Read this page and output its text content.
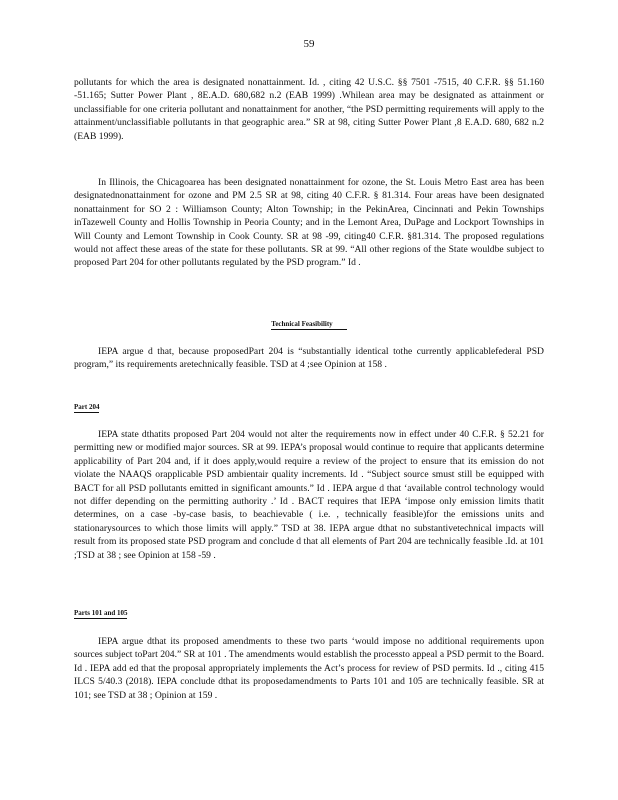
59

pollutants for which the area is designated nonattainment. Id. , citing 42 U.S.C. §§ 7501 -7515, 40 C.F.R. §§ 51.160 -51.165; Sutter Power Plant , 8E.A.D. 680,682 n.2 (EAB 1999) .Whilean area may be designated as attainment or unclassifiable for one criteria pollutant and nonattainment for another, “the PSD permitting requirements will apply to the attainment/unclassifiable pollutants in that geographic area.” SR at 98, citing Sutter Power Plant ,8 E.A.D. 680, 682 n.2 (EAB 1999).

In Illinois, the Chicagoarea has been designated nonattainment for ozone, the St. Louis Metro East area has been designatednonattainment for ozone and PM 2.5 SR at 98, citing 40 C.F.R. § 81.314. Four areas have been designated nonattainment for SO 2 : Williamson County; Alton Township; in the PekinArea, Cincinnati and Pekin Townships inTazewell County and Hollis Township in Peoria County; and in the Lemont Area, DuPage and Lockport Townships in Will County and Lemont Township in Cook County. SR at 98 -99, citing40 C.F.R. §81.314. The proposed regulations would not affect these areas of the state for these pollutants. SR at 99. “All other regions of the State wouldbe subject to proposed Part 204 for other pollutants regulated by the PSD program.” Id .

Technical Feasibility

IEPA argue d that, because proposedPart 204 is “substantially identical tothe currently applicablefederal PSD program,” its requirements aretechnically feasible. TSD at 4 ;see Opinion at 158 .

Part 204

IEPA state dthatits proposed Part 204 would not alter the requirements now in effect under 40 C.F.R. § 52.21 for permitting new or modified major sources. SR at 99. IEPA’s proposal would continue to require that applicants determine applicability of Part 204 and, if it does apply,would require a review of the project to ensure that its emission do not violate the NAAQS orapplicable PSD ambientair quality increments. Id . “Subject source smust still be equipped with BACT for all PSD pollutants emitted in significant amounts.” Id . IEPA argue d that ‘available control technology would not differ depending on the permitting authority .’ Id . BACT requires that IEPA ‘impose only emission limits thatit determines, on a case -by-case basis, to beachievable ( i.e. , technically feasible)for the emissions units and stationarysources to which those limits will apply.” TSD at 38. IEPA argue dthat no substantivetechnical impacts will result from its proposed state PSD program and conclude d that all elements of Part 204 are technically feasible .Id. at 101 ;TSD at 38 ; see Opinion at 158 -59 .

Parts 101 and 105

IEPA argue dthat its proposed amendments to these two parts ‘would impose no additional requirements upon sources subject toPart 204.” SR at 101 . The amendments would establish the processto appeal a PSD permit to the Board. Id . IEPA add ed that the proposal appropriately implements the Act’s process for review of PSD permits. Id ., citing 415 ILCS 5/40.3 (2018). IEPA conclude dthat its proposedamendments to Parts 101 and 105 are technically feasible. SR at 101; see TSD at 38 ; Opinion at 159 .
